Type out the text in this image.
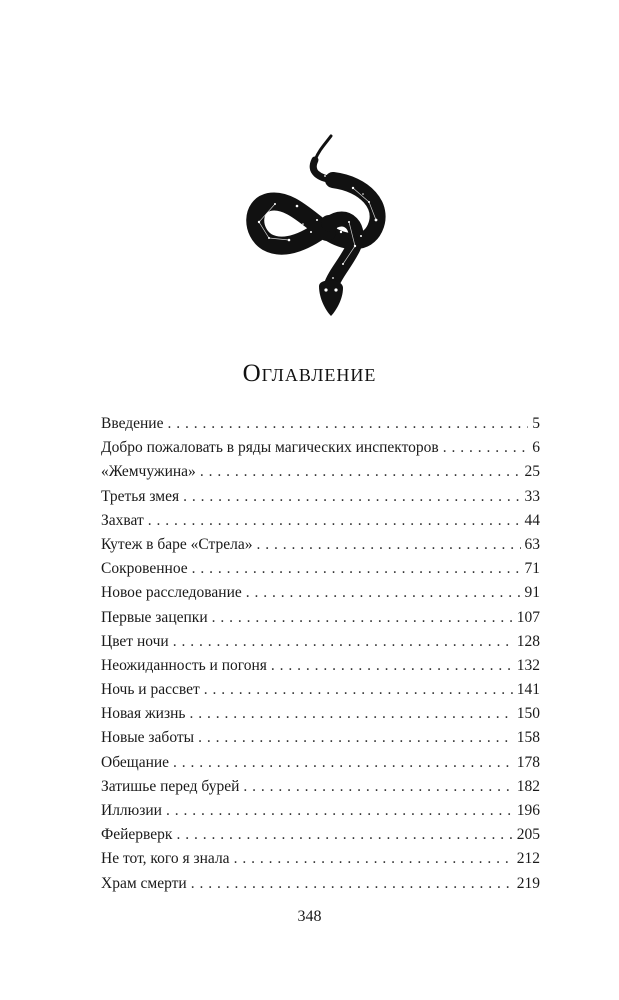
Оглавление
Введение . . .	5
Добро пожаловать в ряды магических инспекторов . . .	6
«Жемчужина» . . .	25
Третья змея . . .	33
Захват . . .	44
Кутеж в баре «Стрела» . . .	63
Сокровенное . . .	71
Новое расследование . . .	91
Первые зацепки . . .	107
Цвет ночи . . .	128
Неожиданность и погоня . . .	132
Ночь и рассвет . . .	141
Новая жизнь . . .	150
Новые заботы . . .	158
Обещание . . .	178
Затишье перед бурей . . .	182
Иллюзии . . .	196
Фейерверк . . .	205
Не тот, кого я знала . . .	212
Храм смерти . . .	219
348
